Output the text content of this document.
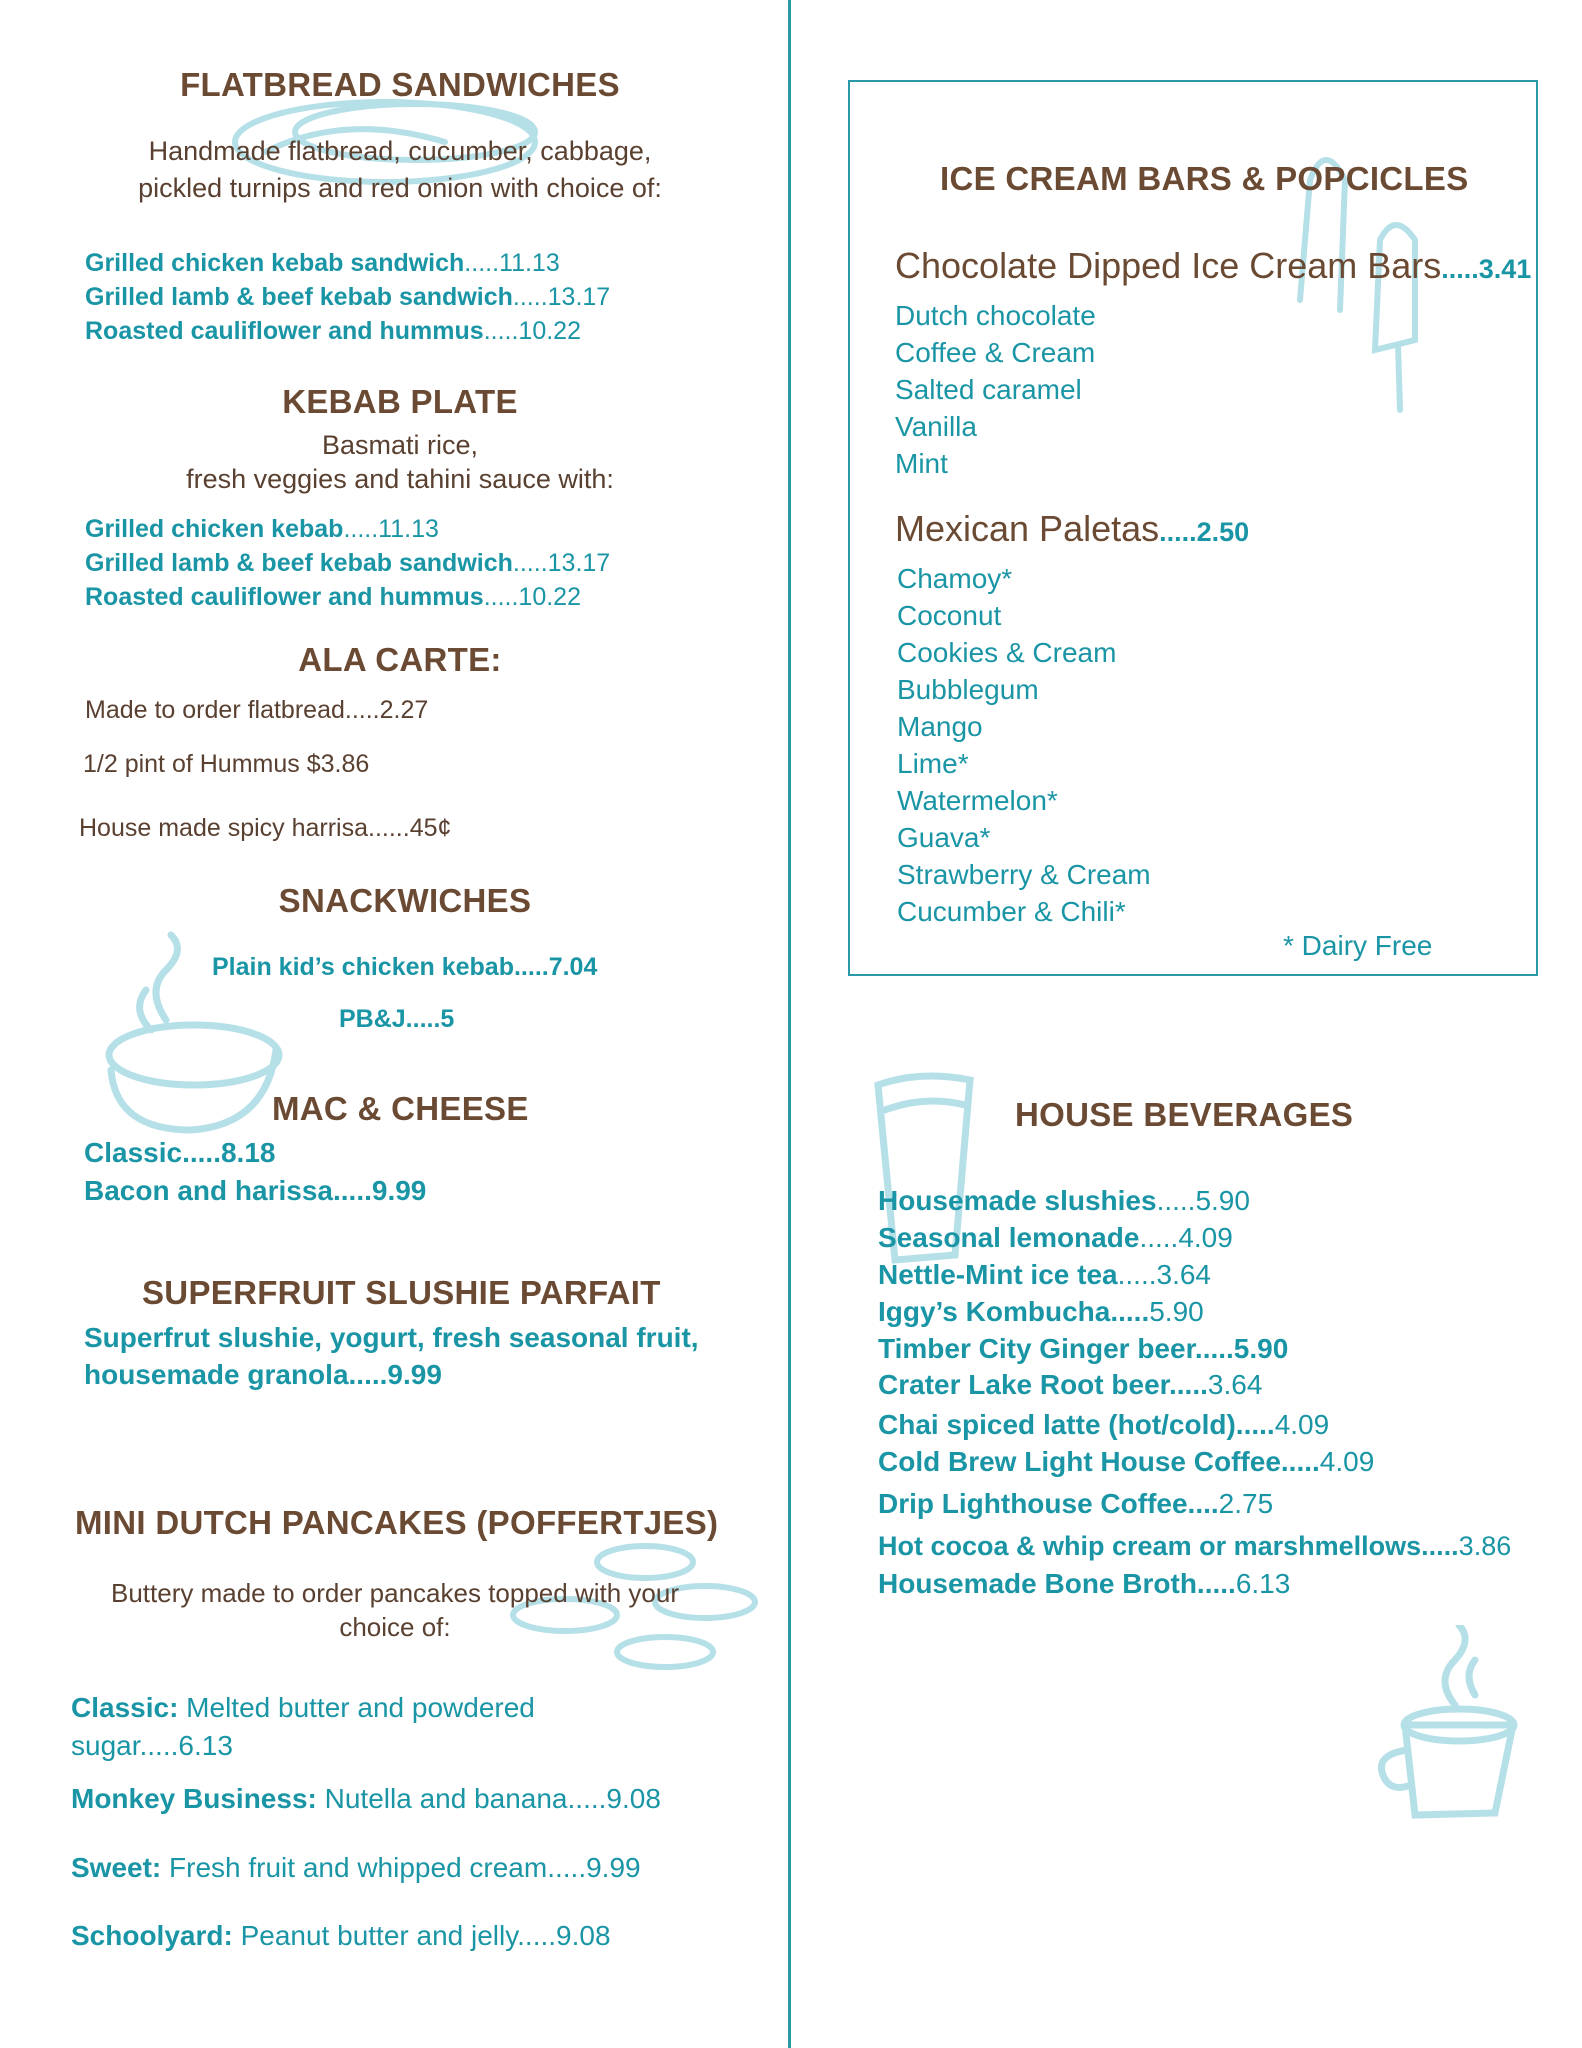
FLATBREAD SANDWICHES
Handmade flatbread, cucumber, cabbage, pickled turnips and red onion with choice of:
Grilled chicken kebab sandwich.....11.13
Grilled lamb & beef kebab sandwich.....13.17
Roasted cauliflower and hummus.....10.22
KEBAB PLATE
Basmati rice,
fresh veggies and tahini sauce with:
Grilled chicken kebab.....11.13
Grilled lamb & beef kebab sandwich.....13.17
Roasted cauliflower and hummus.....10.22
ALA CARTE:
Made to order flatbread.....2.27
1/2 pint of Hummus $3.86
House made spicy harrisa......45¢
SNACKWICHES
Plain kid’s chicken kebab.....7.04
PB&J.....5
MAC & CHEESE
Classic.....8.18
Bacon and harissa.....9.99
SUPERFRUIT SLUSHIE PARFAIT
Superfrut slushie, yogurt, fresh seasonal fruit,
housemade granola.....9.99
MINI DUTCH PANCAKES (POFFERTJES)
Buttery made to order pancakes topped with your
choice of:
Classic: Melted butter and powdered
sugar.....6.13
Monkey Business: Nutella and banana.....9.08
Sweet: Fresh fruit and whipped cream.....9.99
Schoolyard: Peanut butter and jelly.....9.08
ICE CREAM BARS & POPCICLES
Chocolate Dipped Ice Cream Bars.....3.41
Dutch chocolate
Coffee & Cream
Salted caramel
Vanilla
Mint
Mexican Paletas.....2.50
Chamoy*
Coconut
Cookies & Cream
Bubblegum
Mango
Lime*
Watermelon*
Guava*
Strawberry & Cream
Cucumber & Chili*
* Dairy Free
HOUSE BEVERAGES
Housemade slushies.....5.90
Seasonal lemonade.....4.09
Nettle-Mint ice tea.....3.64
Iggy’s Kombucha.....5.90
Timber City Ginger beer.....5.90
Crater Lake Root beer.....3.64
Chai spiced latte (hot/cold).....4.09
Cold Brew Light House Coffee.....4.09
Drip Lighthouse Coffee....2.75
Hot cocoa & whip cream or marshmellows.....3.86
Housemade Bone Broth.....6.13
